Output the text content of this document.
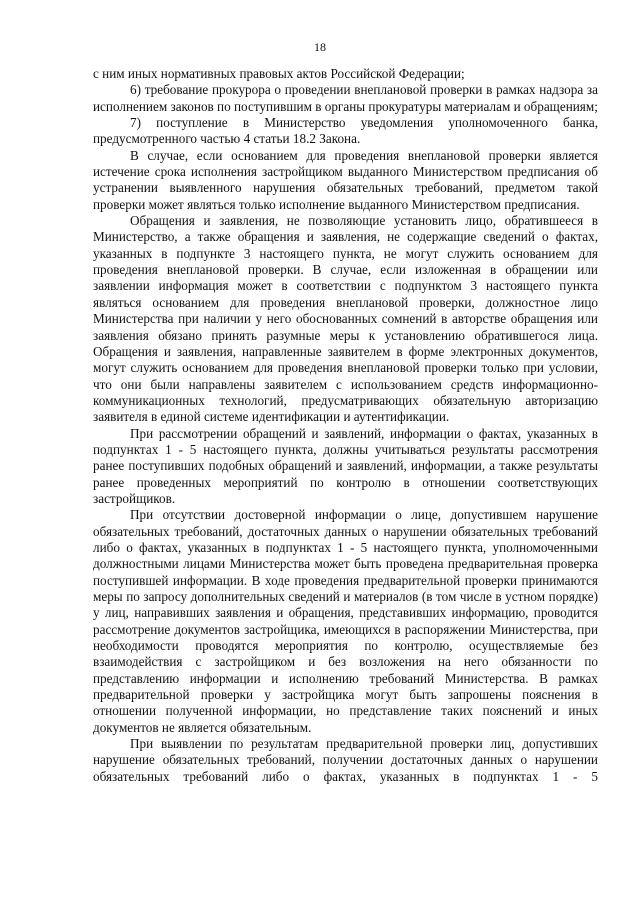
18

с ним иных нормативных правовых актов Российской Федерации;

6) требование прокурора о проведении внеплановой проверки в рамках надзора за исполнением законов по поступившим в органы прокуратуры материалам и обращениям;

7) поступление в Министерство уведомления уполномоченного банка, предусмотренного частью 4 статьи 18.2 Закона.

В случае, если основанием для проведения внеплановой проверки является истечение срока исполнения застройщиком выданного Министерством предписания об устранении выявленного нарушения обязательных требований, предметом такой проверки может являться только исполнение выданного Министерством предписания.

Обращения и заявления, не позволяющие установить лицо, обратившееся в Министерство, а также обращения и заявления, не содержащие сведений о фактах, указанных в подпункте 3 настоящего пункта, не могут служить основанием для проведения внеплановой проверки. В случае, если изложенная в обращении или заявлении информация может в соответствии с подпунктом 3 настоящего пункта являться основанием для проведения внеплановой проверки, должностное лицо Министерства при наличии у него обоснованных сомнений в авторстве обращения или заявления обязано принять разумные меры к установлению обратившегося лица. Обращения и заявления, направленные заявителем в форме электронных документов, могут служить основанием для проведения внеплановой проверки только при условии, что они были направлены заявителем с использованием средств информационно-коммуникационных технологий, предусматривающих обязательную авторизацию заявителя в единой системе идентификации и аутентификации.

При рассмотрении обращений и заявлений, информации о фактах, указанных в подпунктах 1 - 5 настоящего пункта, должны учитываться результаты рассмотрения ранее поступивших подобных обращений и заявлений, информации, а также результаты ранее проведенных мероприятий по контролю в отношении соответствующих застройщиков.

При отсутствии достоверной информации о лице, допустившем нарушение обязательных требований, достаточных данных о нарушении обязательных требований либо о фактах, указанных в подпунктах 1 - 5 настоящего пункта, уполномоченными должностными лицами Министерства может быть проведена предварительная проверка поступившей информации. В ходе проведения предварительной проверки принимаются меры по запросу дополнительных сведений и материалов (в том числе в устном порядке) у лиц, направивших заявления и обращения, представивших информацию, проводится рассмотрение документов застройщика, имеющихся в распоряжении Министерства, при необходимости проводятся мероприятия по контролю, осуществляемые без взаимодействия с застройщиком и без возложения на него обязанности по представлению информации и исполнению требований Министерства. В рамках предварительной проверки у застройщика могут быть запрошены пояснения в отношении полученной информации, но представление таких пояснений и иных документов не является обязательным.

При выявлении по результатам предварительной проверки лиц, допустивших нарушение обязательных требований, получении достаточных данных о нарушении обязательных требований либо о фактах, указанных в подпунктах 1 - 5
